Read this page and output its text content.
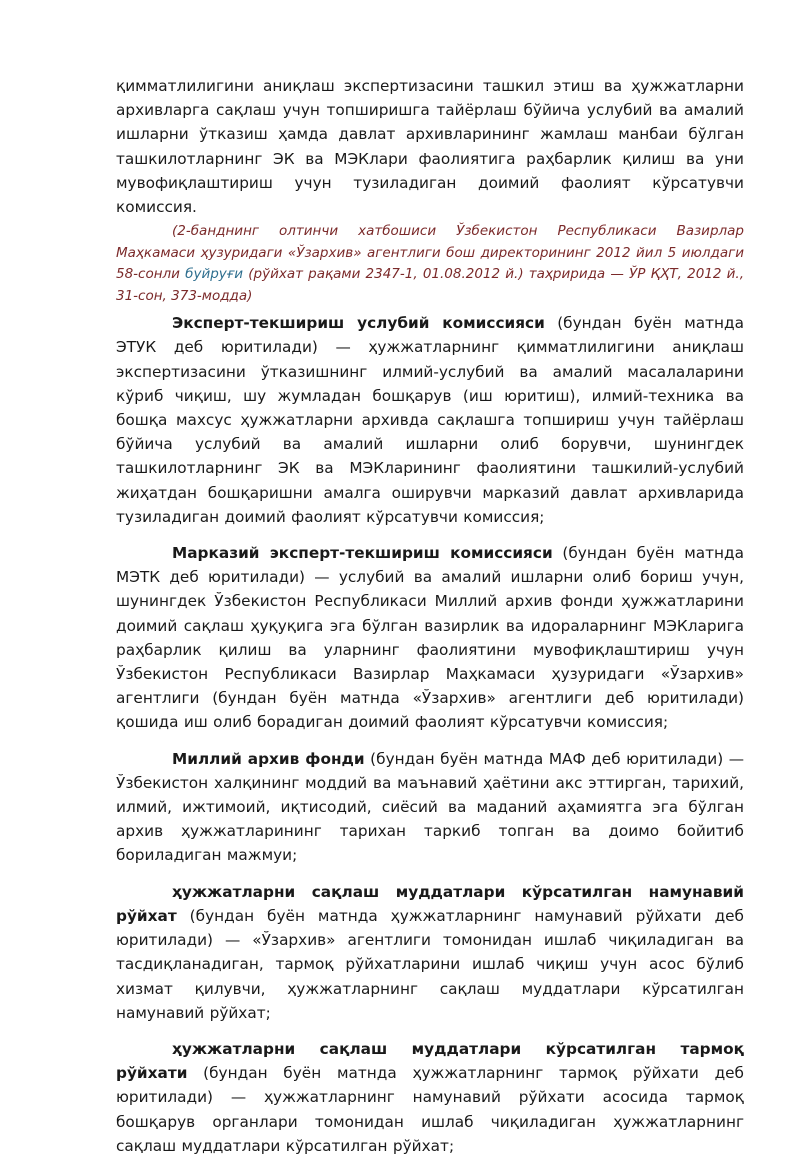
қимматлилигини аниқлаш экспертизасини ташкил этиш ва ҳужжатларни архивларга сақлаш учун топширишга тайёрлаш бўйича услубий ва амалий ишларни ўтказиш ҳамда давлат архивларининг жамлаш манбаи бўлган ташкилотларнинг ЭК ва МЭКлари фаолиятига раҳбарлик қилиш ва уни мувофиқлаштириш учун тузиладиган доимий фаолият кўрсатувчи комиссия.

(2-банднинг олтинчи хатбошиси Ўзбекистон Республикаси Вазирлар Маҳкамаси ҳузуридаги «Ўзархив» агентлиги бош директорининг 2012 йил 5 июлдаги 58-сонли буйруғи (рўйхат рақами 2347-1, 01.08.2012 й.) таҳририда — ЎР ҚҲТ, 2012 й., 31-сон, 373-модда)

Эксперт-текшириш услубий комиссияси (бундан буён матнда ЭТУК деб юритилади) — ҳужжатларнинг қимматлилигини аниқлаш экспертизасини ўтказишнинг илмий-услубий ва амалий масалаларини кўриб чиқиш, шу жумладан бошқарув (иш юритиш), илмий-техника ва бошқа махсус ҳужжатларни архивда сақлашга топшириш учун тайёрлаш бўйича услубий ва амалий ишларни олиб борувчи, шунингдек ташкилотларнинг ЭК ва МЭКларининг фаолиятини ташкилий-услубий жиҳатдан бошқаришни амалга оширувчи марказий давлат архивларида тузиладиган доимий фаолият кўрсатувчи комиссия;

Марказий эксперт-текшириш комиссияси (бундан буён матнда МЭТК деб юритилади) — услубий ва амалий ишларни олиб бориш учун, шунингдек Ўзбекистон Республикаси Миллий архив фонди ҳужжатларини доимий сақлаш ҳуқуқига эга бўлган вазирлик ва идораларнинг МЭКларига раҳбарлик қилиш ва уларнинг фаолиятини мувофиқлаштириш учун Ўзбекистон Республикаси Вазирлар Маҳкамаси ҳузуридаги «Ўзархив» агентлиги (бундан буён матнда «Ўзархив» агентлиги деб юритилади) қошида иш олиб борадиган доимий фаолият кўрсатувчи комиссия;

Миллий архив фонди (бундан буён матнда МАФ деб юритилади) — Ўзбекистон халқининг моддий ва маънавий ҳаётини акс эттирган, тарихий, илмий, ижтимоий, иқтисодий, сиёсий ва маданий аҳамиятга эга бўлган архив ҳужжатларининг тарихан таркиб топган ва доимо бойитиб бориладиган мажмуи;

ҳужжатларни сақлаш муддатлари кўрсатилган намунавий рўйхат (бундан буён матнда ҳужжатларнинг намунавий рўйхати деб юритилади) — «Ўзархив» агентлиги томонидан ишлаб чиқиладиган ва тасдиқланадиган, тармоқ рўйхатларини ишлаб чиқиш учун асос бўлиб хизмат қилувчи, ҳужжатларнинг сақлаш муддатлари кўрсатилган намунавий рўйхат;

ҳужжатларни сақлаш муддатлари кўрсатилган тармоқ рўйхати (бундан буён матнда ҳужжатларнинг тармоқ рўйхати деб юритилади) — ҳужжатларнинг намунавий рўйхати асосида тармоқ бошқарув органлари томонидан ишлаб чиқиладиган ҳужжатларнинг сақлаш муддатлари кўрсатилган рўйхат;
